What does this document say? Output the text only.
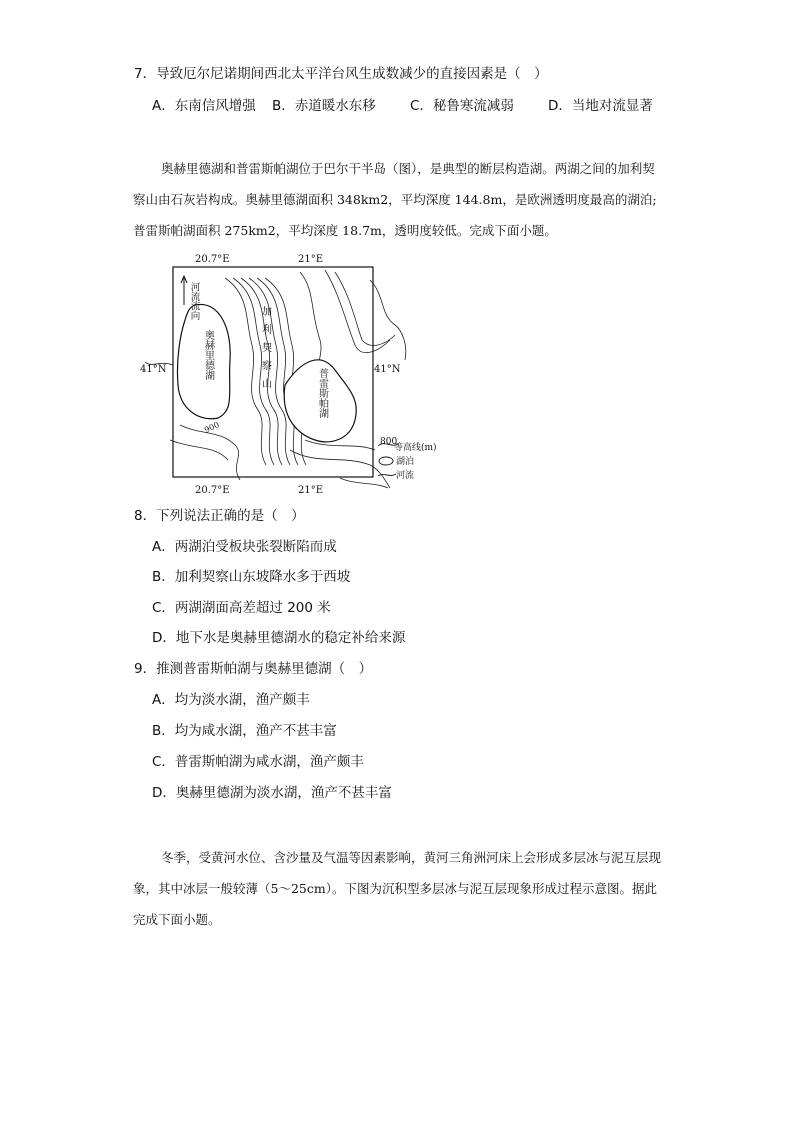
7．导致厄尔尼诺期间西北太平洋台风生成数减少的直接因素是（　）
A．东南信风增强 B．赤道暖水东移	C．秘鲁寒流减弱	D．当地对流显著
奥赫里德湖和普雷斯帕湖位于巴尔干半岛（图），是典型的断层构造湖。两湖之间的加利契察山由石灰岩构成。奥赫里德湖面积 348km2，平均深度 144.8m，是欧洲透明度最高的湖泊;普雷斯帕湖面积 275km2，平均深度 18.7m，透明度较低。完成下面小题。
20.7°E	21°E
20.7°E	21°E
41°N	41°N
河流流向
奥赫里德湖	加利契察山	普雷斯帕湖
900
800
等高线(m)
湖泊
河流
8．下列说法正确的是（　）
A．两湖泊受板块张裂断陷而成
B．加利契察山东坡降水多于西坡
C．两湖湖面高差超过 200 米
D．地下水是奥赫里德湖水的稳定补给来源
9．推测普雷斯帕湖与奥赫里德湖（　）
A．均为淡水湖，渔产颇丰
B．均为咸水湖，渔产不甚丰富
C．普雷斯帕湖为咸水湖，渔产颇丰
D．奥赫里德湖为淡水湖，渔产不甚丰富
冬季，受黄河水位、含沙量及气温等因素影响，黄河三角洲河床上会形成多层冰与泥互层现象，其中冰层一般较薄（5～25cm）。下图为沉积型多层冰与泥互层现象形成过程示意图。据此完成下面小题。
